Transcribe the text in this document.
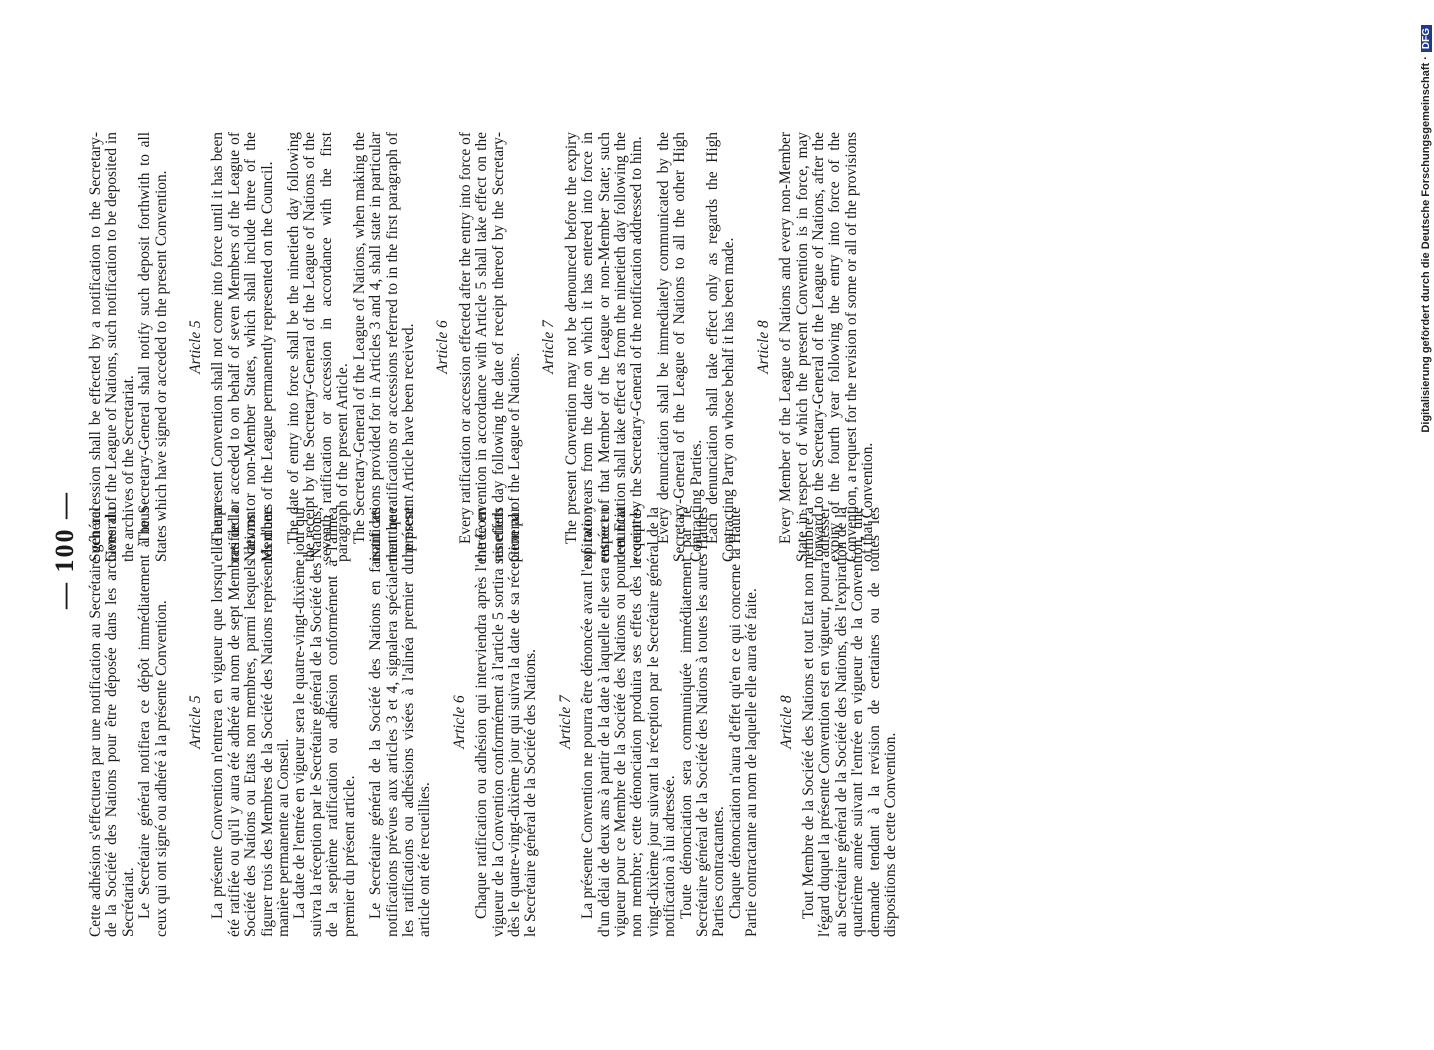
— 100 — Cette adhésion s'effectuera par une notification au Secrétaire général de la Société des Nations pour être déposée dans les archives du Secrétariat. Le Secrétaire général notifiera ce dépôt immédiatement à tous ceux qui ont signé ou adhéré à la présente Convention. Article 5 La présente Convention n'entrera en vigueur que lorsqu'elle aura été ratifiée ou qu'il y aura été adhéré au nom de sept Membres de la Société des Nations ou Etats non membres, parmi lesquels devront figurer trois des Membres de la Société des Nations représentés d'une manière permanente au Conseil. La date de l'entrée en vigueur sera le quatre-vingt-dixième jour qui suivra la réception par le Secrétaire général de la Société des Nations, de la septième ratification ou adhésion conformément à l'alinéa premier du présent article. Le Secrétaire général de la Société des Nations en faisant les notifications prévues aux articles 3 et 4, signalera spécialement que les ratifications ou adhésions visées à l'alinéa premier du présent article ont été recueillies.

Article 6 Chaque ratification ou adhésion qui interviendra après l'entrée en vigueur de la Convention conformément à l'article 5 sortira ses effets dès le quatre-vingt-dixième jour qui suivra la date de sa réception par le Secrétaire général de la Société des Nations. Article 7 La présente Convention ne pourra être dénoncée avant l'expiration d'un délai de deux ans à partir de la date à laquelle elle sera entrée en vigueur pour ce Membre de la Société des Nations ou pour cet Etat non membre; cette dénonciation produira ses effets dès le quatre-vingt-dixième jour suivant la réception par le Secrétaire général de la notification à lui adressée. Toute dénonciation sera communiquée immédiatement par le Secrétaire général de la Société des Nations à toutes les autres Hautes Parties contractantes. Chaque dénonciation n'aura d'effet qu'en ce qui concerne la Haute Partie contractante au nom de laquelle elle aura été faite. Article 8 Tout Membre de la Société des Nations et tout Etat non membre à l'égard duquel la présente Convention est en vigueur, pourra adresser au Secrétaire général de la Société des Nations, dès l'expiration de la quatrième année suivant l'entrée en vigueur de la Convention, une demande tendant à la revision de certaines ou de toutes les dispositions de cette Convention.

Such accession shall be effected by a notification to the Secretary-General of the League of Nations, such notification to be deposited in the archives of the Secretariat. The Secretary-General shall notify such deposit forthwith to all States which have signed or acceded to the present Convention. Article 5 The present Convention shall not come into force until it has been ratified or acceded to on behalf of seven Members of the League of Nations or non-Member States, which shall include three of the Members of the League permanently represented on the Council. The date of entry into force shall be the ninetieth day following the receipt by the Secretary-General of the League of Nations of the seventh ratification or accession in accordance with the first paragraph of the present Article. The Secretary-General of the League of Nations, when making the notifications provided for in Articles 3 and 4, shall state in particular that the ratifications or accessions referred to in the first paragraph of the present Article have been received. Article 6 Every ratification or accession effected after the entry into force of the Convention in accordance with Article 5 shall take effect on the ninetieth day following the date of receipt thereof by the Secretary-General of the League of Nations.

Article 7 The present Convention may not be denounced before the expiry of two years from the date on which it has entered into force in respect of that Member of the League or non-Member State; such denunciation shall take effect as from the ninetieth day following the receipt by the Secretary-General of the notification addressed to him. Every denunciation shall be immediately communicated by the Secretary-General of the League of Nations to all the other High Contracting Parties. Each denunciation shall take effect only as regards the High Contracting Party on whose behalf it has been made. Article 8 Every Member of the League of Nations and every non-Member State in respect of which the present Convention is in force, may forward to the Secretary-General of the League of Nations, after the expiry of the fourth year following the entry into force of the Convention, a request for the revision of some or all of the provisions of that Convention.

Digitalisierung gefördert durch die Deutsche Forschungsgemeinschaft ·
DFG
